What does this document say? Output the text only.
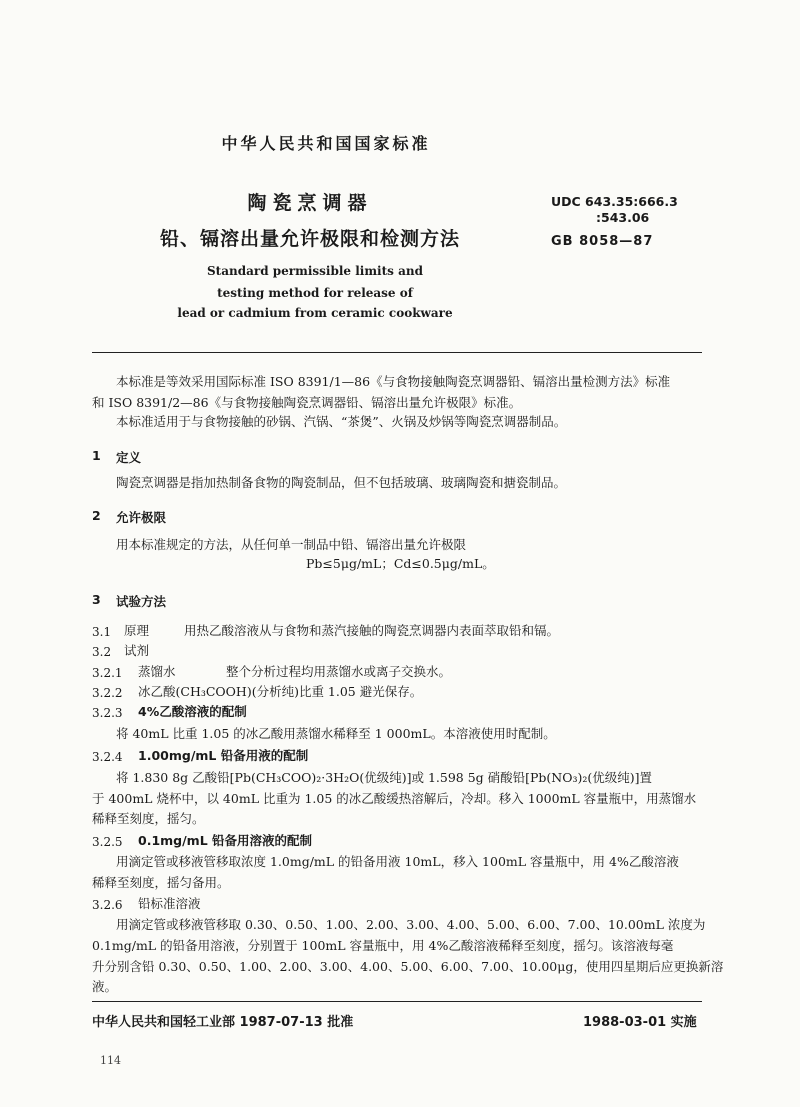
中华人民共和国国家标准
陶瓷烹调器
铅、镉溶出量允许极限和检测方法
UDC 643.35:666.3
:543.06
GB 8058—87
Standard permissible limits and
testing method for release of
lead or cadmium from ceramic cookware
本标准是等效采用国际标准 ISO 8391/1—86《与食物接触陶瓷烹调器铅、镉溶出量检测方法》标准
和 ISO 8391/2—86《与食物接触陶瓷烹调器铅、镉溶出量允许极限》标准。
本标准适用于与食物接触的砂锅、汽锅、“茶煲”、火锅及炒锅等陶瓷烹调器制品。
1 定义
陶瓷烹调器是指加热制备食物的陶瓷制品，但不包括玻璃、玻璃陶瓷和搪瓷制品。
2 允许极限
用本标准规定的方法，从任何单一制品中铅、镉溶出量允许极限
Pb≤5μg/mL；Cd≤0.5μg/mL。
3 试验方法
3.1 原理	用热乙酸溶液从与食物和蒸汽接触的陶瓷烹调器内表面萃取铅和镉。
3.2 试剂
3.2.1 蒸馏水	整个分析过程均用蒸馏水或离子交换水。
3.2.2 冰乙酸(CH₃COOH)(分析纯)比重 1.05 避光保存。
3.2.3 4%乙酸溶液的配制
将 40mL 比重 1.05 的冰乙酸用蒸馏水稀释至 1 000mL。本溶液使用时配制。
3.2.4 1.00mg/mL 铅备用液的配制
将 1.830 8g 乙酸铅[Pb(CH₃COO)₂·3H₂O(优级纯)]或 1.598 5g 硝酸铅[Pb(NO₃)₂(优级纯)]置
于 400mL 烧杯中，以 40mL 比重为 1.05 的冰乙酸缓热溶解后，冷却。移入 1000mL 容量瓶中，用蒸馏水
稀释至刻度，摇匀。
3.2.5 0.1mg/mL 铅备用溶液的配制
用滴定管或移液管移取浓度 1.0mg/mL 的铅备用液 10mL，移入 100mL 容量瓶中，用 4%乙酸溶液
稀释至刻度，摇匀备用。
3.2.6 铅标准溶液
用滴定管或移液管移取 0.30、0.50、1.00、2.00、3.00、4.00、5.00、6.00、7.00、10.00mL 浓度为
0.1mg/mL 的铅备用溶液，分别置于 100mL 容量瓶中，用 4%乙酸溶液稀释至刻度，摇匀。该溶液每毫
升分别含铅 0.30、0.50、1.00、2.00、3.00、4.00、5.00、6.00、7.00、10.00μg，使用四星期后应更换新溶
液。
中华人民共和国轻工业部 1987-07-13 批准	1988-03-01 实施
114
